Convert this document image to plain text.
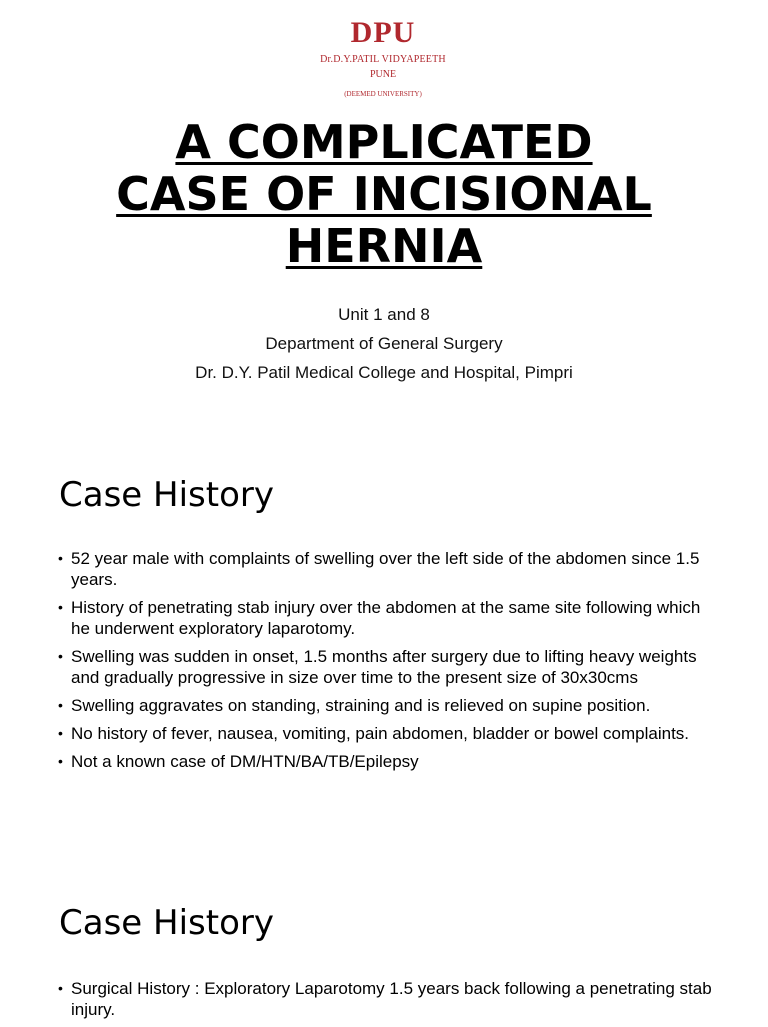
DPU
Dr.D.Y.PATIL VIDYAPEETH
PUNE
(DEEMED UNIVERSITY)
A COMPLICATED
CASE OF INCISIONAL
HERNIA
Unit 1 and 8
Department of General Surgery
Dr. D.Y. Patil Medical College and Hospital, Pimpri
Case History
• 52 year male with complaints of swelling over the left side of the abdomen since 1.5 years.
• History of penetrating stab injury over the abdomen at the same site following which he underwent exploratory laparotomy.
• Swelling was sudden in onset, 1.5 months after surgery due to lifting heavy weights and gradually progressive in size over time to the present size of 30x30cms
• Swelling aggravates on standing, straining and is relieved on supine position.
• No history of fever, nausea, vomiting, pain abdomen, bladder or bowel complaints.
• Not a known case of DM/HTN/BA/TB/Epilepsy
Case History
• Surgical History : Exploratory Laparotomy 1.5 years back following a penetrating stab injury.
